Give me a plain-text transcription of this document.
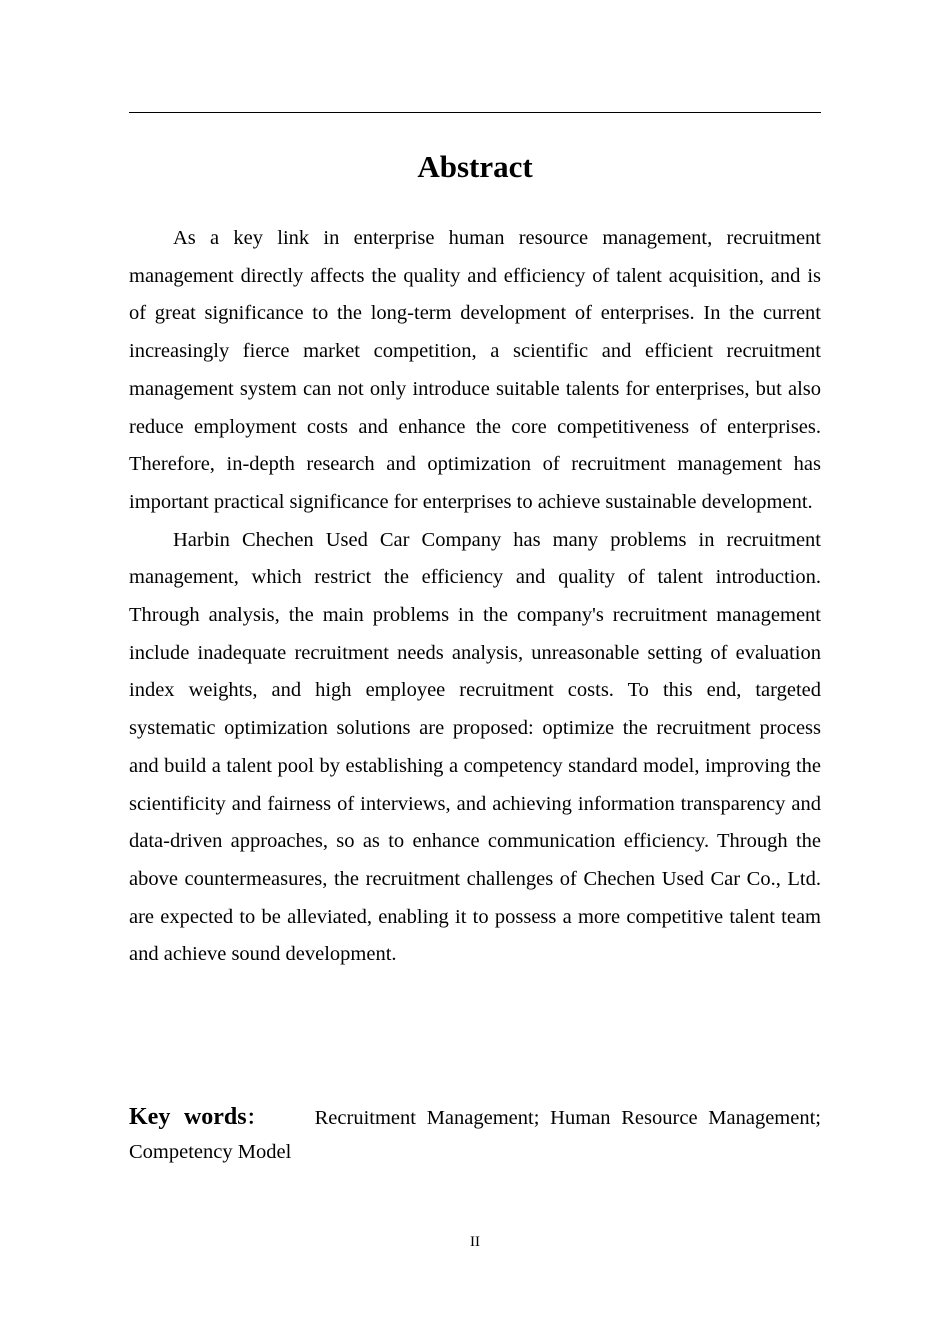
Abstract

As a key link in enterprise human resource management, recruitment management directly affects the quality and efficiency of talent acquisition, and is of great significance to the long-term development of enterprises. In the current increasingly fierce market competition, a scientific and efficient recruitment management system can not only introduce suitable talents for enterprises, but also reduce employment costs and enhance the core competitiveness of enterprises. Therefore, in-depth research and optimization of recruitment management has important practical significance for enterprises to achieve sustainable development.

Harbin Chechen Used Car Company has many problems in recruitment management, which restrict the efficiency and quality of talent introduction. Through analysis, the main problems in the company's recruitment management include inadequate recruitment needs analysis, unreasonable setting of evaluation index weights, and high employee recruitment costs. To this end, targeted systematic optimization solutions are proposed: optimize the recruitment process and build a talent pool by establishing a competency standard model, improving the scientificity and fairness of interviews, and achieving information transparency and data-driven approaches, so as to enhance communication efficiency. Through the above countermeasures, the recruitment challenges of Chechen Used Car Co., Ltd. are expected to be alleviated, enabling it to possess a more competitive talent team and achieve sound development.

Key words： Recruitment Management; Human Resource Management; Competency Model
II
